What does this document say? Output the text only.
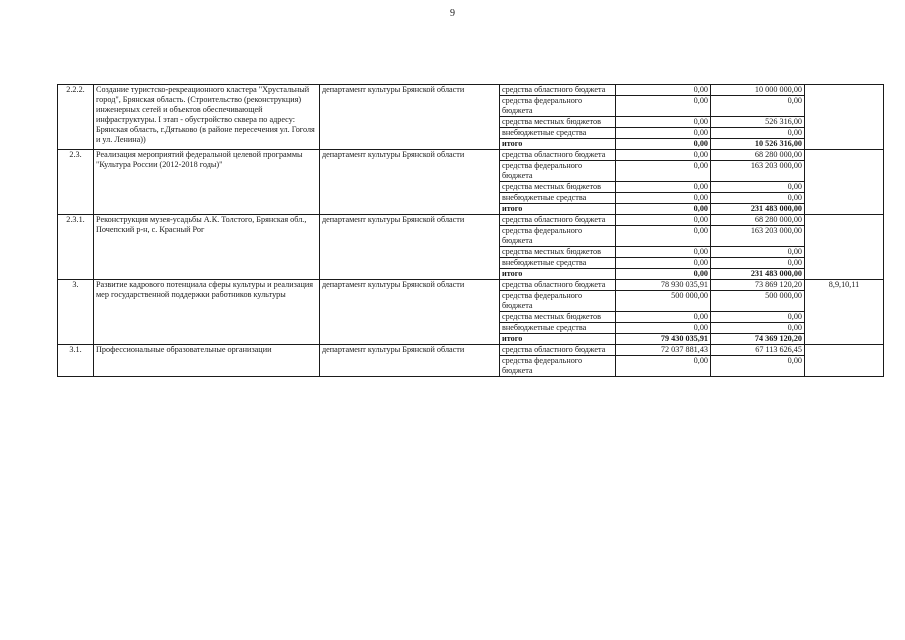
9
2.2.2.	Создание туристско-рекреационного кластера "Хрустальный город", Брянская область. (Строительство (реконструкция) инженерных сетей и объектов обеспечивающей инфраструктуры. I этап - обустройство сквера по адресу: Брянская область, г.Дятьково (в районе пересечения ул. Гоголя и ул. Ленина))	департамент культуры Брянской области	средства областного бюджета	0,00	10 000 000,00	
			средства федерального бюджета	0,00	0,00	
			средства местных бюджетов	0,00	526 316,00	
			внебюджетные средства	0,00	0,00	
			итого	0,00	10 526 316,00	
2.3.	Реализация мероприятий федеральной целевой программы "Культура России (2012-2018 годы)"	департамент культуры Брянской области	средства областного бюджета	0,00	68 280 000,00	
			средства федерального бюджета	0,00	163 203 000,00	
			средства местных бюджетов	0,00	0,00	
			внебюджетные средства	0,00	0,00	
			итого	0,00	231 483 000,00	
2.3.1.	Реконструкция музея-усадьбы А.К. Толстого, Брянская обл., Почепский р-н, с. Красный Рог	департамент культуры Брянской области	средства областного бюджета	0,00	68 280 000,00	
			средства федерального бюджета	0,00	163 203 000,00	
			средства местных бюджетов	0,00	0,00	
			внебюджетные средства	0,00	0,00	
			итого	0,00	231 483 000,00	
3.	Развитие кадрового потенциала сферы культуры и реализация мер государственной поддержки работников культуры	департамент культуры Брянской области	средства областного бюджета	78 930 035,91	73 869 120,20	8,9,10,11
			средства федерального бюджета	500 000,00	500 000,00	
			средства местных бюджетов	0,00	0,00	
			внебюджетные средства	0,00	0,00	
			итого	79 430 035,91	74 369 120,20	
3.1.	Профессиональные образовательные организации	департамент культуры Брянской области	средства областного бюджета	72 037 881,43	67 113 626,45	
			средства федерального бюджета	0,00	0,00	
